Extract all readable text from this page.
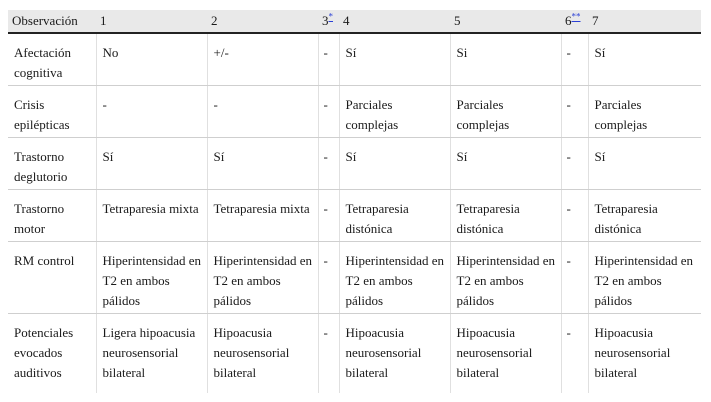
Observación	1	2	3*	4	5	6**	7
Afectación cognitiva	No	+/-	-	Sí	Si	-	Sí
Crisis epilépticas	-	-	-	Parciales complejas	Parciales complejas	-	Parciales complejas
Trastorno deglutorio	Sí	Sí	-	Sí	Sí	-	Sí
Trastorno motor	Tetraparesia mixta	Tetraparesia mixta	-	Tetraparesia distónica	Tetraparesia distónica	-	Tetraparesia distónica
RM control	Hiperintensidad en T2 en ambos pálidos	Hiperintensidad en T2 en ambos pálidos	-	Hiperintensidad en T2 en ambos pálidos	Hiperintensidad en T2 en ambos pálidos	-	Hiperintensidad en T2 en ambos pálidos
Potenciales evocados auditivos	Ligera hipoacusia neurosensorial bilateral	Hipoacusia neurosensorial bilateral	-	Hipoacusia neurosensorial bilateral	Hipoacusia neurosensorial bilateral	-	Hipoacusia neurosensorial bilateral
